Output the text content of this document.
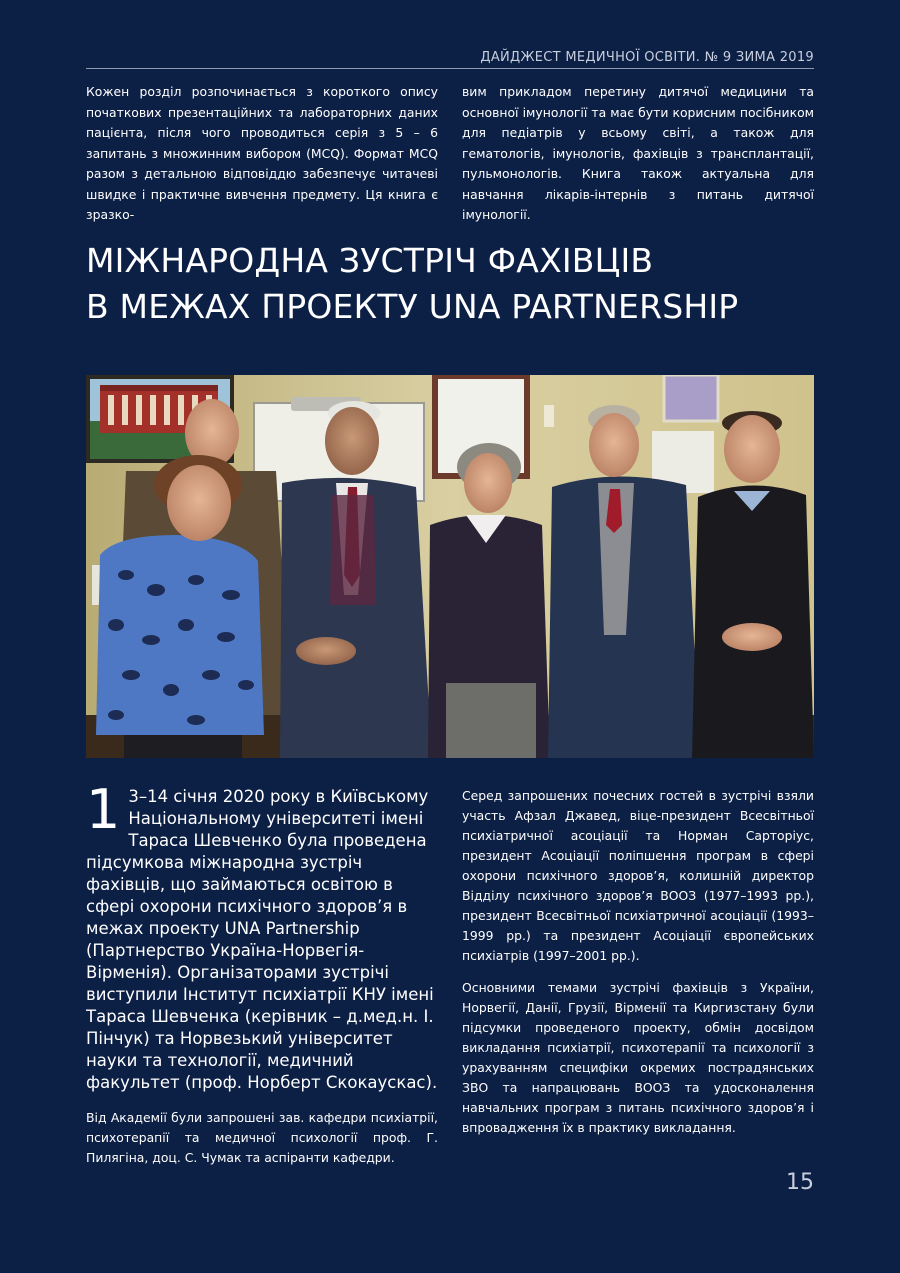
ДАЙДЖЕСТ МЕДИЧНОЇ ОСВІТИ. № 9 ЗИМА 2019
Кожен розділ розпочинається з короткого опису початкових презентаційних та лабораторних даних пацієнта, після чого проводиться серія з 5 – 6 запитань з множинним вибором (MCQ). Формат MCQ разом з детальною відповіддю забезпечує читачеві швидке і практичне вивчення предмету. Ця книга є зразко-
вим прикладом перетину дитячої медицини та основної імунології та має бути корисним посібником для педіатрів у всьому світі, а також для гематологів, імунологів, фахівців з трансплантації, пульмонологів. Книга також актуальна для навчання лікарів-інтернів з питань дитячої імунології.
МІЖНАРОДНА ЗУСТРІЧ ФАХІВЦІВ
В МЕЖАХ ПРОЕКТУ UNA PARTNERSHIP

1 3–14 січня 2020 року в Київському Національному університеті імені Тараса Шевченко була проведена підсумкова міжнародна зустріч фахівців, що займаються освітою в сфері охорони психічного здоров’я в межах проекту UNA Partnership (Партнерство Україна-Норвегія-Вірменія). Організаторами зустрічі виступили Інститут психіатрії КНУ імені Тараса Шевченка (керівник – д.мед.н. І. Пінчук) та Норвезький університет науки та технології, медичний факультет (проф. Норберт Скокаускас).

Від Академії були запрошені зав. кафедри психіатрії, психотерапії та медичної психології проф. Г. Пилягіна, доц. С. Чумак та аспіранти кафедри.

Серед запрошених почесних гостей в зустрічі взяли участь Афзал Джавед, віце-президент Всесвітньої психіатричної асоціації та Норман Сарторіус, президент Асоціації поліпшення програм в сфері охорони психічного здоров’я, колишній директор Відділу психічного здоров’я ВООЗ (1977–1993 рр.), президент Всесвітньої психіатричної асоціації (1993–1999 рр.) та президент Асоціації європейських психіатрів (1997–2001 рр.).

Основними темами зустрічі фахівців з України, Норвегії, Данії, Грузії, Вірменії та Киргизстану були підсумки проведеного проекту, обмін досвідом викладання психіатрії, психотерапії та психології з урахуванням специфіки окремих пострадянських ЗВО та напрацювань ВООЗ та удосконалення навчальних програм з питань психічного здоров’я і впровадження їх в практику викладання.

15
